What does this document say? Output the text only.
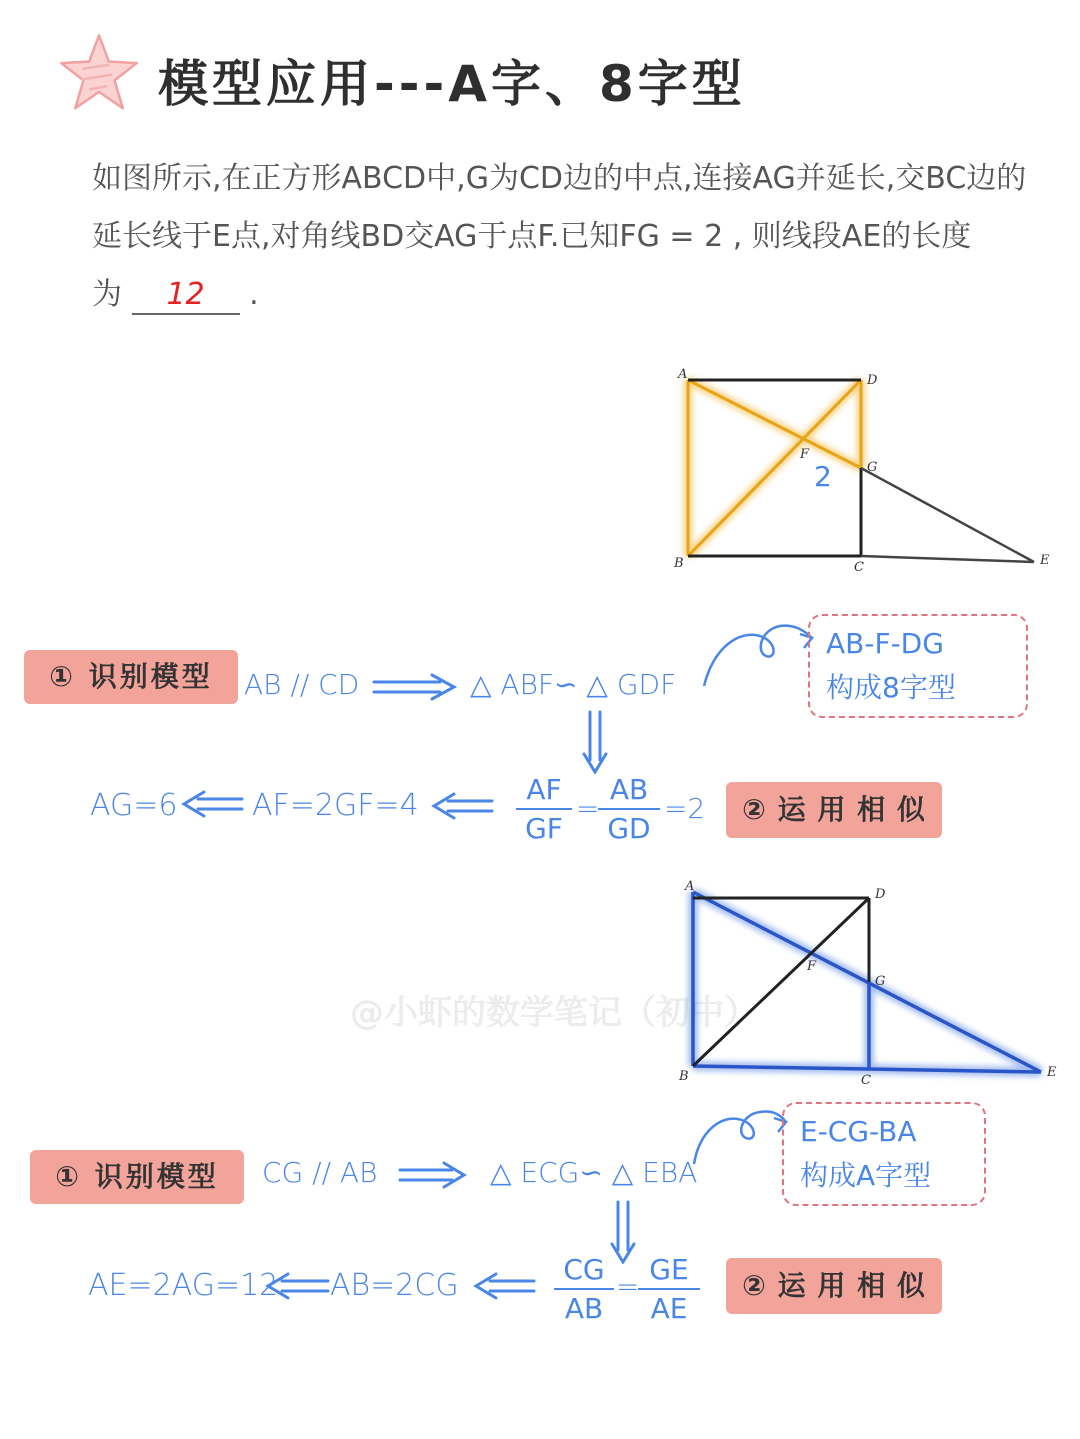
@小虾的数学笔记（初中）
模型应用---A字、8字型
如图所示,在正方形ABCD中,G为CD边的中点,连接AG并延长,交BC边的
延长线于E点,对角线BD交AG于点F.已知FG = 2 , 则线段AE的长度
为 12 .
A	D
F
G
B	C	E
2
① 识别模型	AB // CD	△ ABF∽ △ GDF
AB-F-DG
构成8字型
AG=6 AF=2GF=4	$\frac{AF}{GF}$ =
$\frac{AB}{GD} =2$	② 运 用 相 似
A
D
F
G
B	C
E
① 识别模型	CG // AB	△ ECG∽ △ EBA
E-CG-BA
构成A字型
AE=2AG=12 AB=2CG	$\frac{CG}{AB}$ =
$\frac{GE}{AE}$	② 运 用 相 似
